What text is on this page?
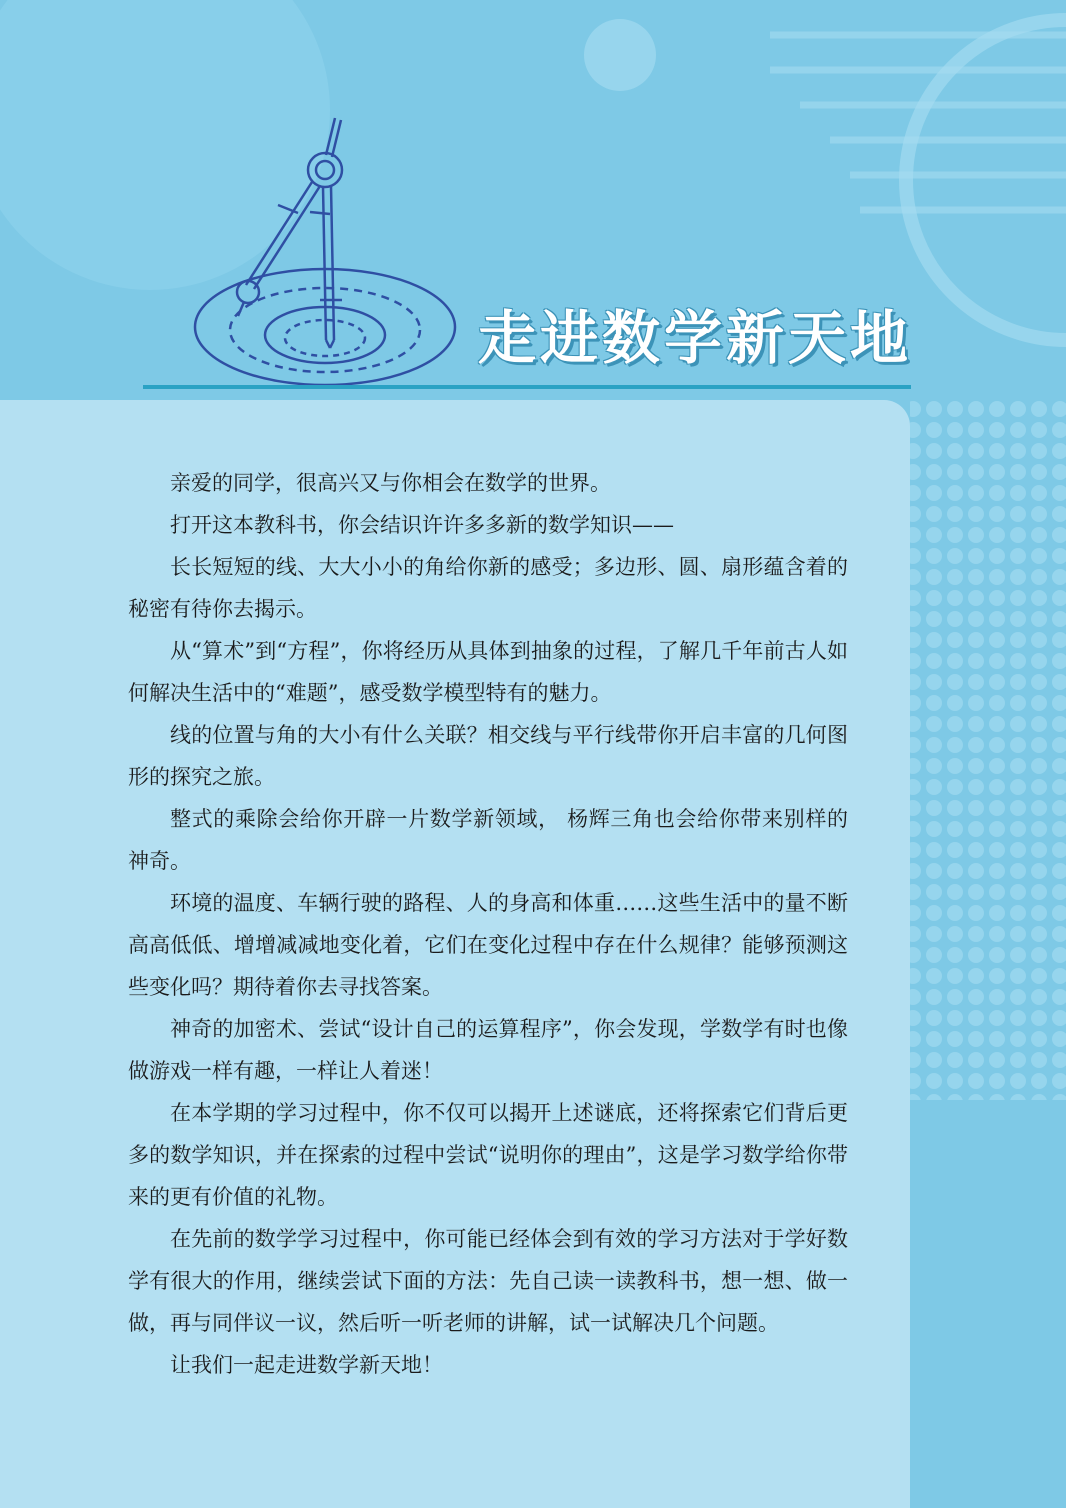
走进数学新天地

亲爱的同学，很高兴又与你相会在数学的世界。

打开这本教科书，你会结识许许多多新的数学知识——

长长短短的线、大大小小的角给你新的感受；多边形、圆、扇形蕴含着的秘密有待你去揭示。

从“算术”到“方程”，你将经历从具体到抽象的过程，了解几千年前古人如何解决生活中的“难题”，感受数学模型特有的魅力。

线的位置与角的大小有什么关联？相交线与平行线带你开启丰富的几何图形的探究之旅。

整式的乘除会给你开辟一片数学新领域， 杨辉三角也会给你带来别样的神奇。

环境的温度、车辆行驶的路程、人的身高和体重……这些生活中的量不断高高低低、增增减减地变化着，它们在变化过程中存在什么规律？能够预测这些变化吗？期待着你去寻找答案。

神奇的加密术、尝试“设计自己的运算程序”，你会发现，学数学有时也像做游戏一样有趣，一样让人着迷！

在本学期的学习过程中，你不仅可以揭开上述谜底，还将探索它们背后更多的数学知识，并在探索的过程中尝试“说明你的理由”，这是学习数学给你带来的更有价值的礼物。

在先前的数学学习过程中，你可能已经体会到有效的学习方法对于学好数学有很大的作用，继续尝试下面的方法：先自己读一读教科书，想一想、做一做，再与同伴议一议，然后听一听老师的讲解，试一试解决几个问题。

让我们一起走进数学新天地！
